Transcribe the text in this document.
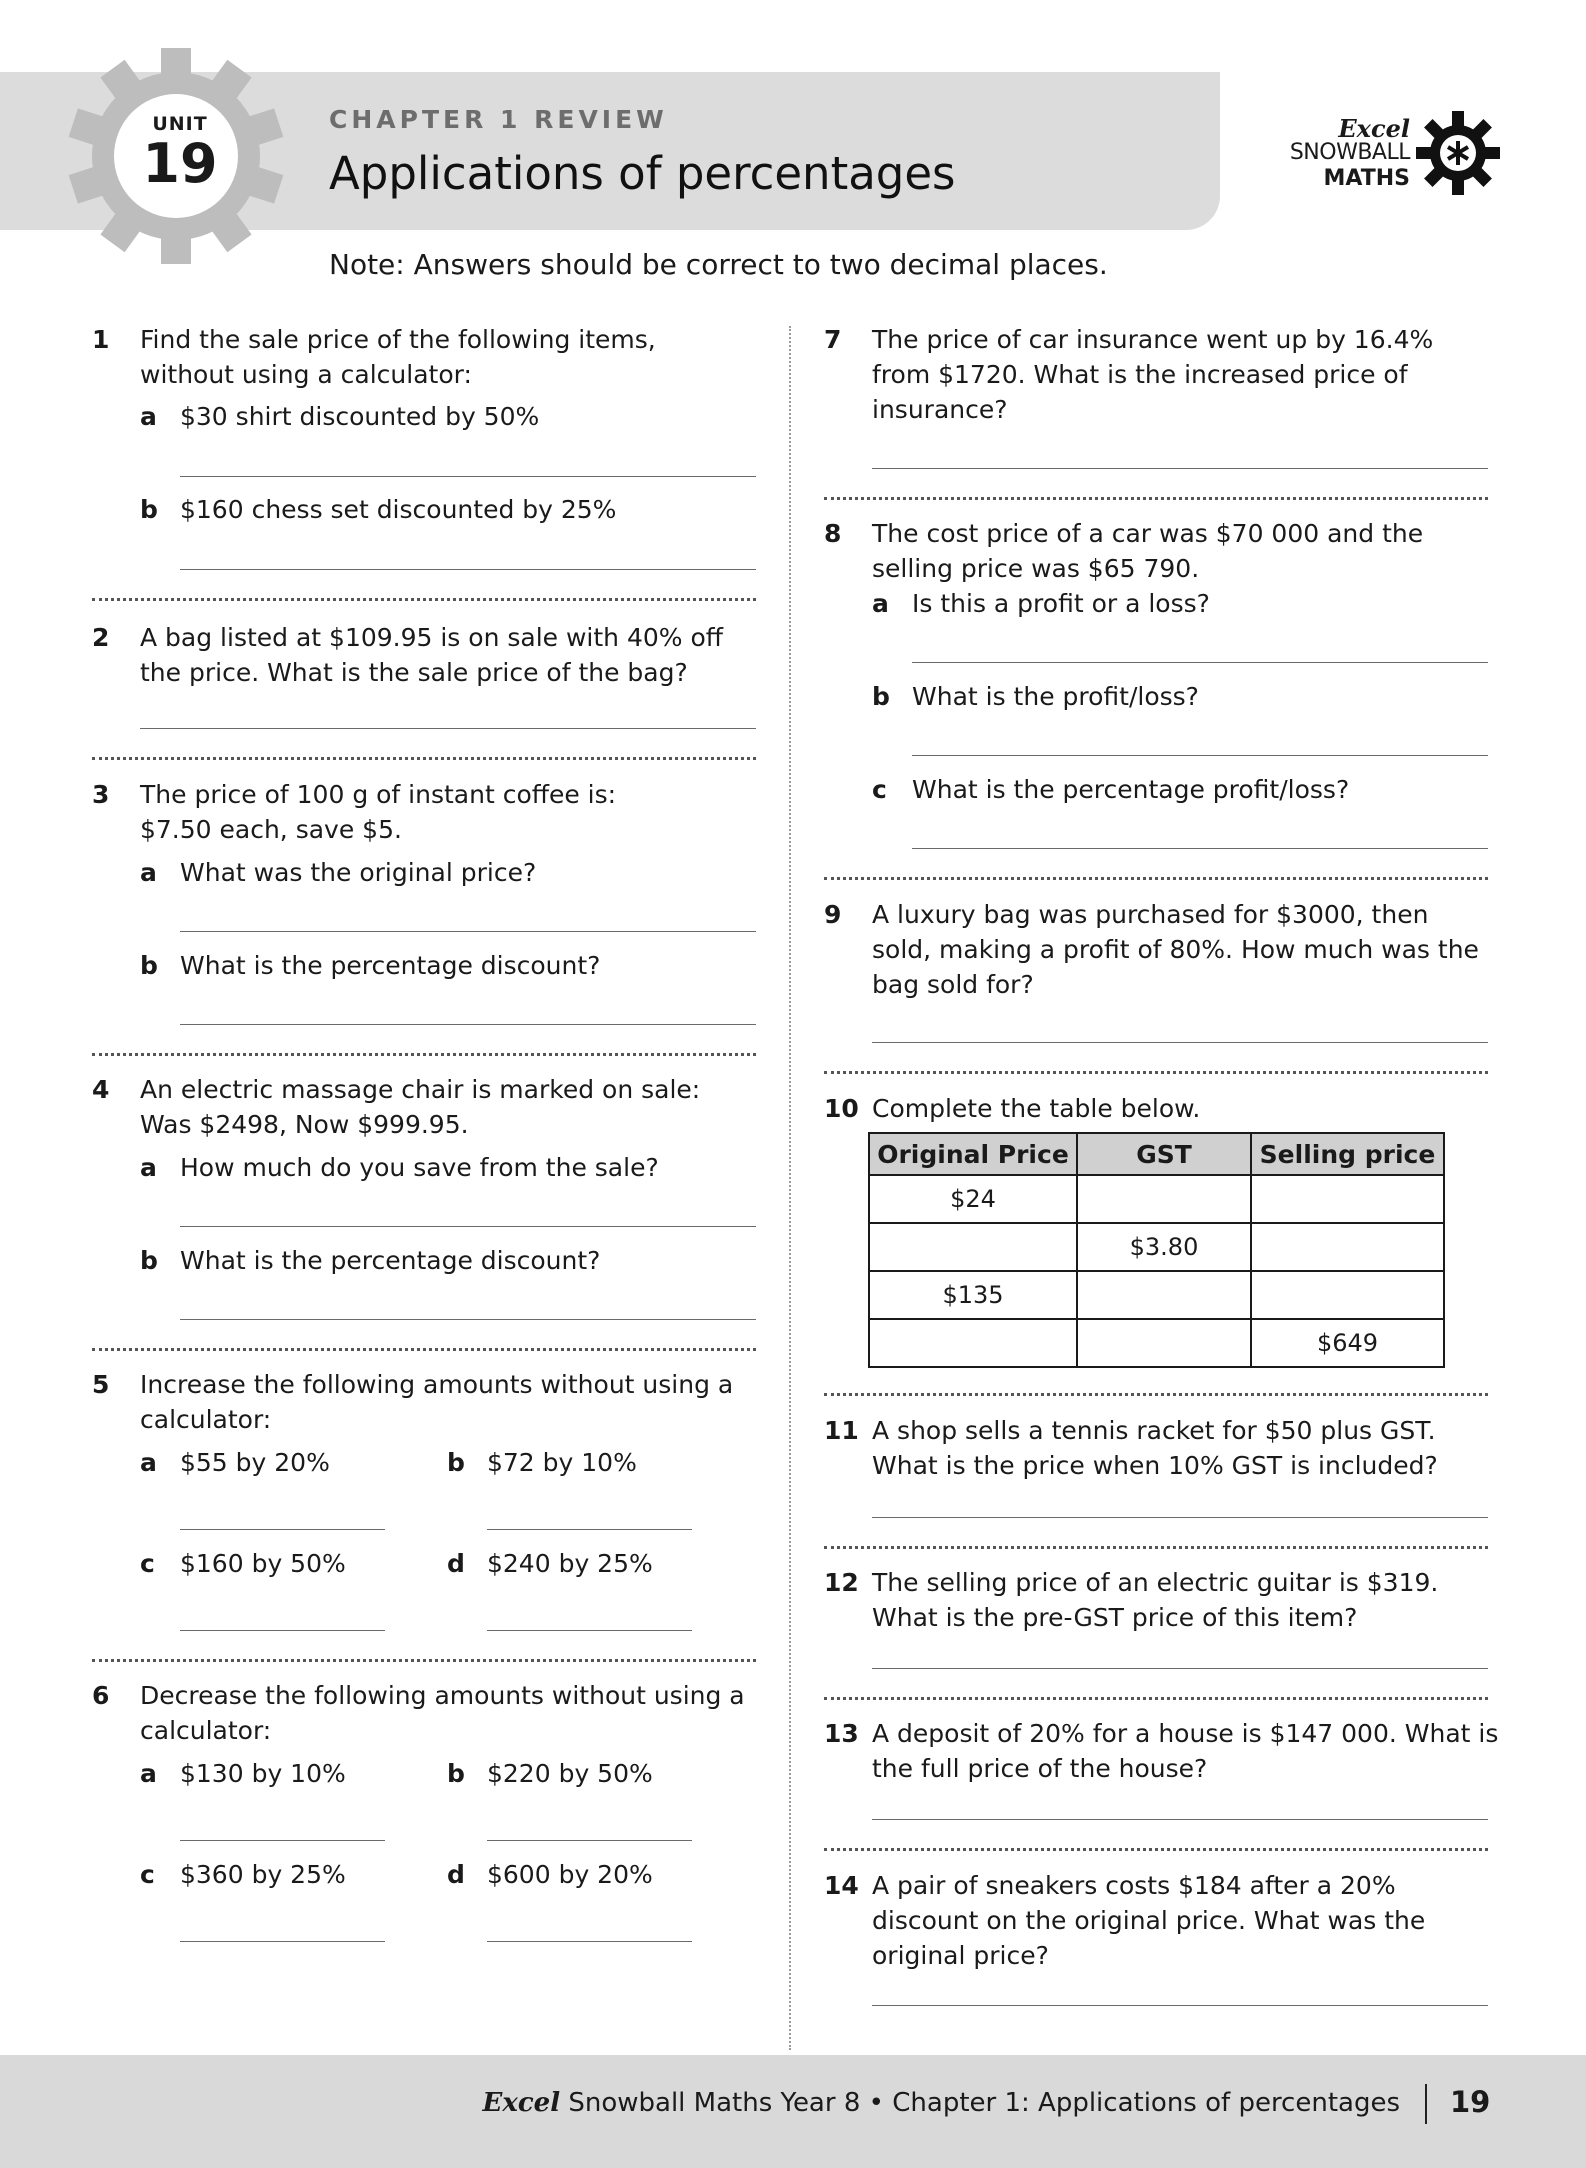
UNIT
19
CHAPTER 1 REVIEW
Applications of percentages
Excel
SNOWBALL
MATHS
Note: Answers should be correct to two decimal places.
1 Find the sale price of the following items,
without using a calculator:
a $30 shirt discounted by 50%
b $160 chess set discounted by 25%
2 A bag listed at $109.95 is on sale with 40% off
the price. What is the sale price of the bag?
3 The price of 100 g of instant coffee is:
$7.50 each, save $5.
a What was the original price?
b What is the percentage discount?
4 An electric massage chair is marked on sale:
Was $2498, Now $999.95.
a How much do you save from the sale?
b What is the percentage discount?
5 Increase the following amounts without using a
calculator:
a $55 by 20%	b $72 by 10%
c $160 by 50%	d $240 by 25%
6 Decrease the following amounts without using a
calculator:
a $130 by 10%	b $220 by 50%
c $360 by 25%	d $600 by 20%
7 The price of car insurance went up by 16.4%
from $1720. What is the increased price of
insurance?
8 The cost price of a car was $70 000 and the
selling price was $65 790.
a Is this a profit or a loss?
b What is the profit/loss?
c What is the percentage profit/loss?
9 A luxury bag was purchased for $3000, then
sold, making a profit of 80%. How much was the
bag sold for?
10 Complete the table below.
Original Price	GST	Selling price
$24		
	$3.80	
$135		
		$649
11 A shop sells a tennis racket for $50 plus GST.
What is the price when 10% GST is included?
12 The selling price of an electric guitar is $319.
What is the pre-GST price of this item?
13 A deposit of 20% for a house is $147 000. What is
the full price of the house?
14 A pair of sneakers costs $184 after a 20%
discount on the original price. What was the
original price?
Excel Snowball Maths Year 8 • Chapter 1: Applications of percentages 19
